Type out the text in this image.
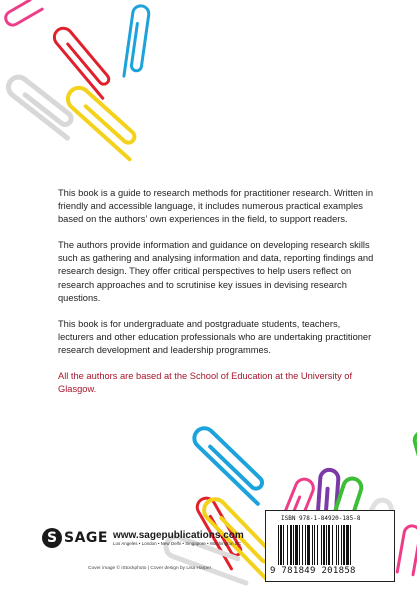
This book is a guide to research methods for practitioner research. Written in friendly and accessible language, it includes numerous practical examples based on the authors’ own experiences in the field, to support readers.

The authors provide information and guidance on developing research skills such as gathering and analysing information and data, reporting findings and research design. They offer critical perspectives to help users reflect on research approaches and to scrutinise key issues in devising research questions.

This book is for undergraduate and postgraduate students, teachers, lecturers and other education professionals who are undertaking practitioner research development and leadership programmes.

All the authors are based at the School of Education at the University of Glasgow.

S SAGE www.sagepublications.com
Los Angeles • London • New Delhi • Singapore • Washington DC
Cover image © iStockphoto | Cover design by Lisa Harper
ISBN 978-1-84920-185-8
9 781849 201858
